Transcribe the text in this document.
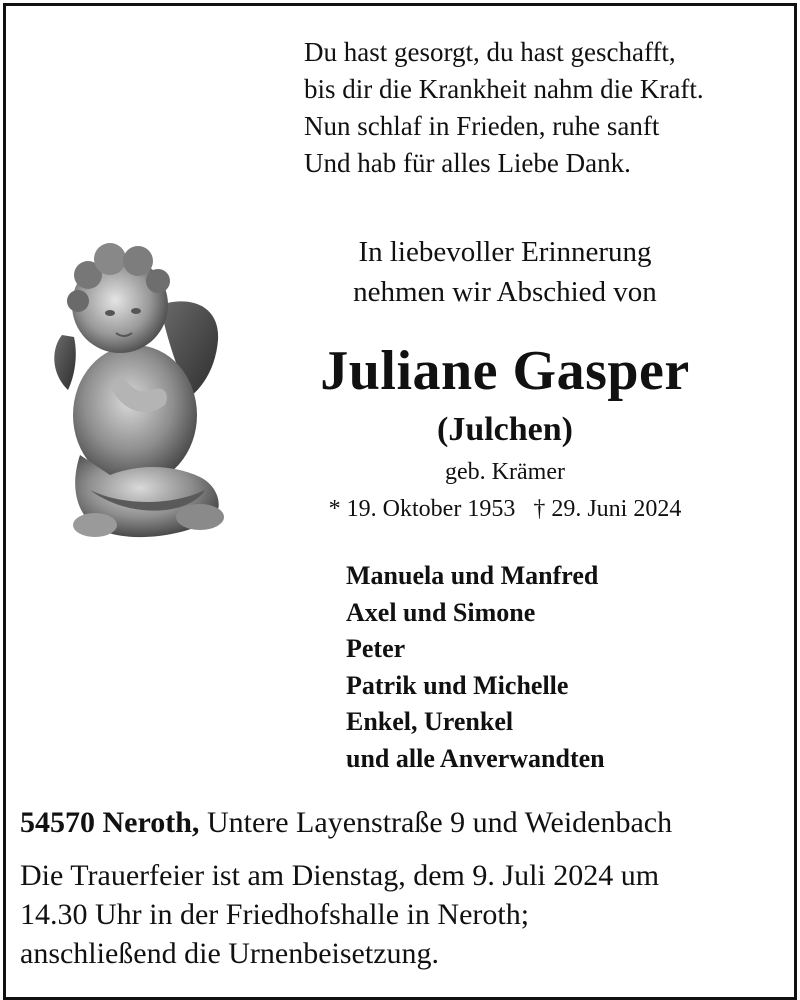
Du hast gesorgt, du hast geschafft,
bis dir die Krankheit nahm die Kraft.
Nun schlaf in Frieden, ruhe sanft
Und hab für alles Liebe Dank.
In liebevoller Erinnerung
nehmen wir Abschied von
Juliane Gasper
(Julchen)
geb. Krämer
* 19. Oktober 1953   † 29. Juni 2024
Manuela und Manfred
Axel und Simone
Peter
Patrik und Michelle
Enkel, Urenkel
und alle Anverwandten
54570 Neroth, Untere Layenstraße 9 und Weidenbach
Die Trauerfeier ist am Dienstag, dem 9. Juli 2024 um
14.30 Uhr in der Friedhofshalle in Neroth;
anschließend die Urnenbeisetzung.
